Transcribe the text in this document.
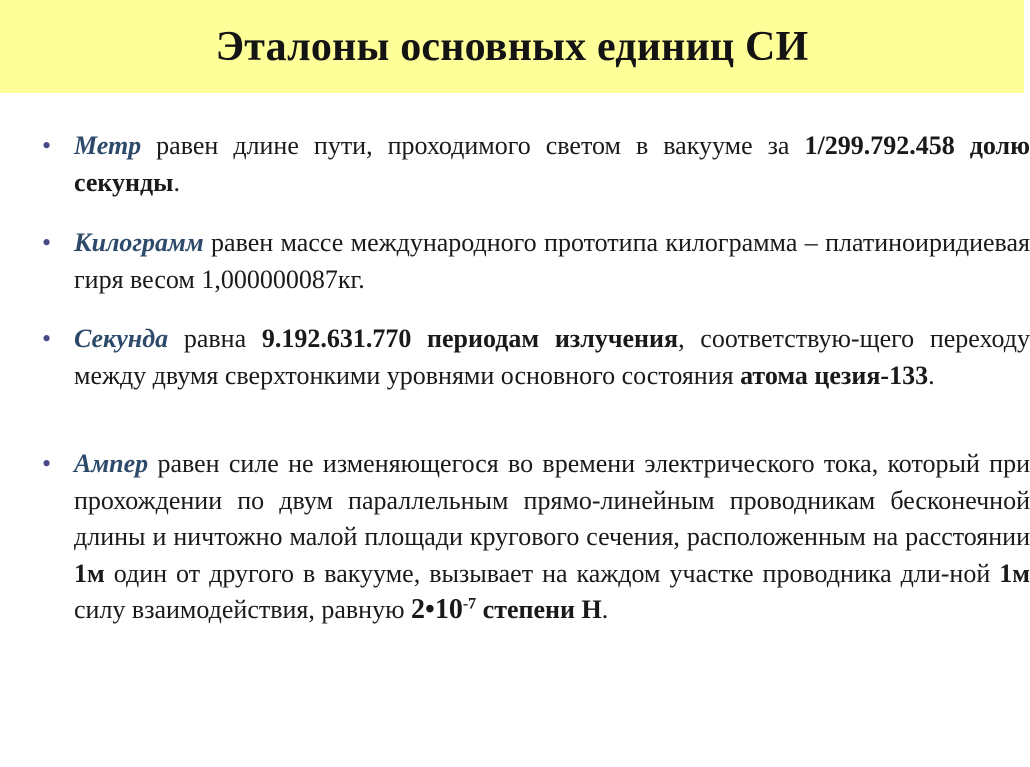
Эталоны основных единиц СИ
• Метр равен длине пути, проходимого светом в вакууме за 1/299.792.458 долю секунды.
• Килограмм равен массе международного прототипа килограмма – платиноиридиевая гиря весом 1,000000087кг.
• Секунда равна 9.192.631.770 периодам излучения, соответствую-щего переходу между двумя сверхтонкими уровнями основного состояния атома цезия-133.
• Ампер равен силе не изменяющегося во времени электрического тока, который при прохождении по двум параллельным прямо-линейным проводникам бесконечной длины и ничтожно малой площади кругового сечения, расположенным на расстоянии 1м один от другого в вакууме, вызывает на каждом участке проводника дли-ной 1м силу взаимодействия, равную $2•10^{-7}$ степени Н.
